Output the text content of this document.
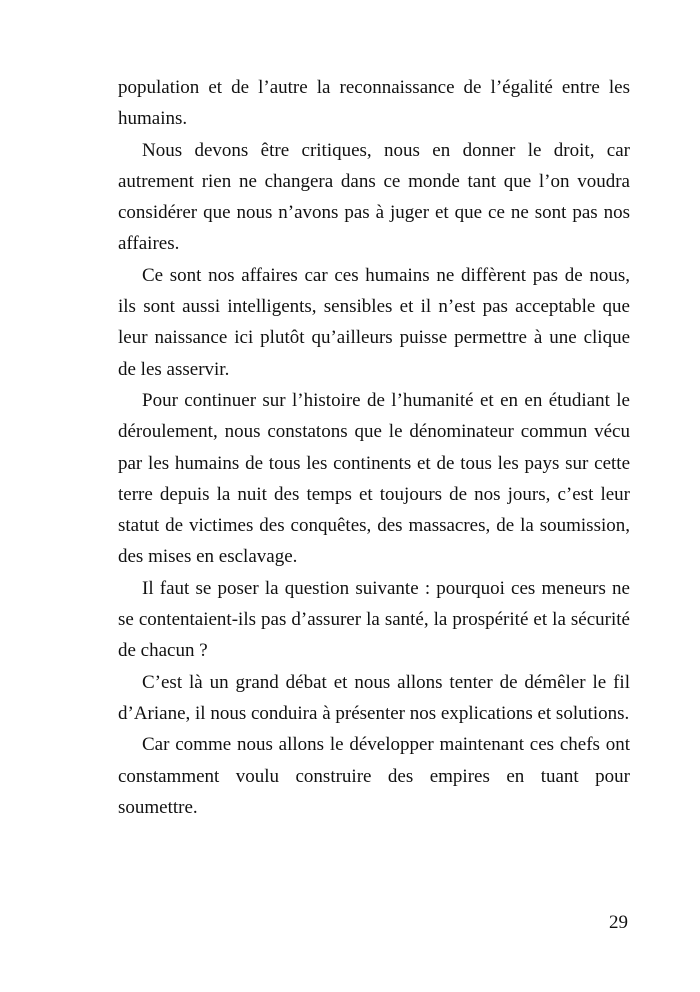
population et de l’autre la reconnaissance de l’égalité entre les humains.

Nous devons être critiques, nous en donner le droit, car autrement rien ne changera dans ce monde tant que l’on voudra considérer que nous n’avons pas à juger et que ce ne sont pas nos affaires.

Ce sont nos affaires car ces humains ne diffèrent pas de nous, ils sont aussi intelligents, sensibles et il n’est pas acceptable que leur naissance ici plutôt qu’ailleurs puisse permettre à une clique de les asservir.

Pour continuer sur l’histoire de l’humanité et en en étudiant le déroulement, nous constatons que le dénominateur commun vécu par les humains de tous les continents et de tous les pays sur cette terre depuis la nuit des temps et toujours de nos jours, c’est leur statut de victimes des conquêtes, des massacres, de la soumission, des mises en esclavage.

Il faut se poser la question suivante : pourquoi ces meneurs ne se contentaient-ils pas d’assurer la santé, la prospérité et la sécurité de chacun ?

C’est là un grand débat et nous allons tenter de démêler le fil d’Ariane, il nous conduira à présenter nos explications et solutions.

Car comme nous allons le développer maintenant ces chefs ont constamment voulu construire des empires en tuant pour soumettre.

29
